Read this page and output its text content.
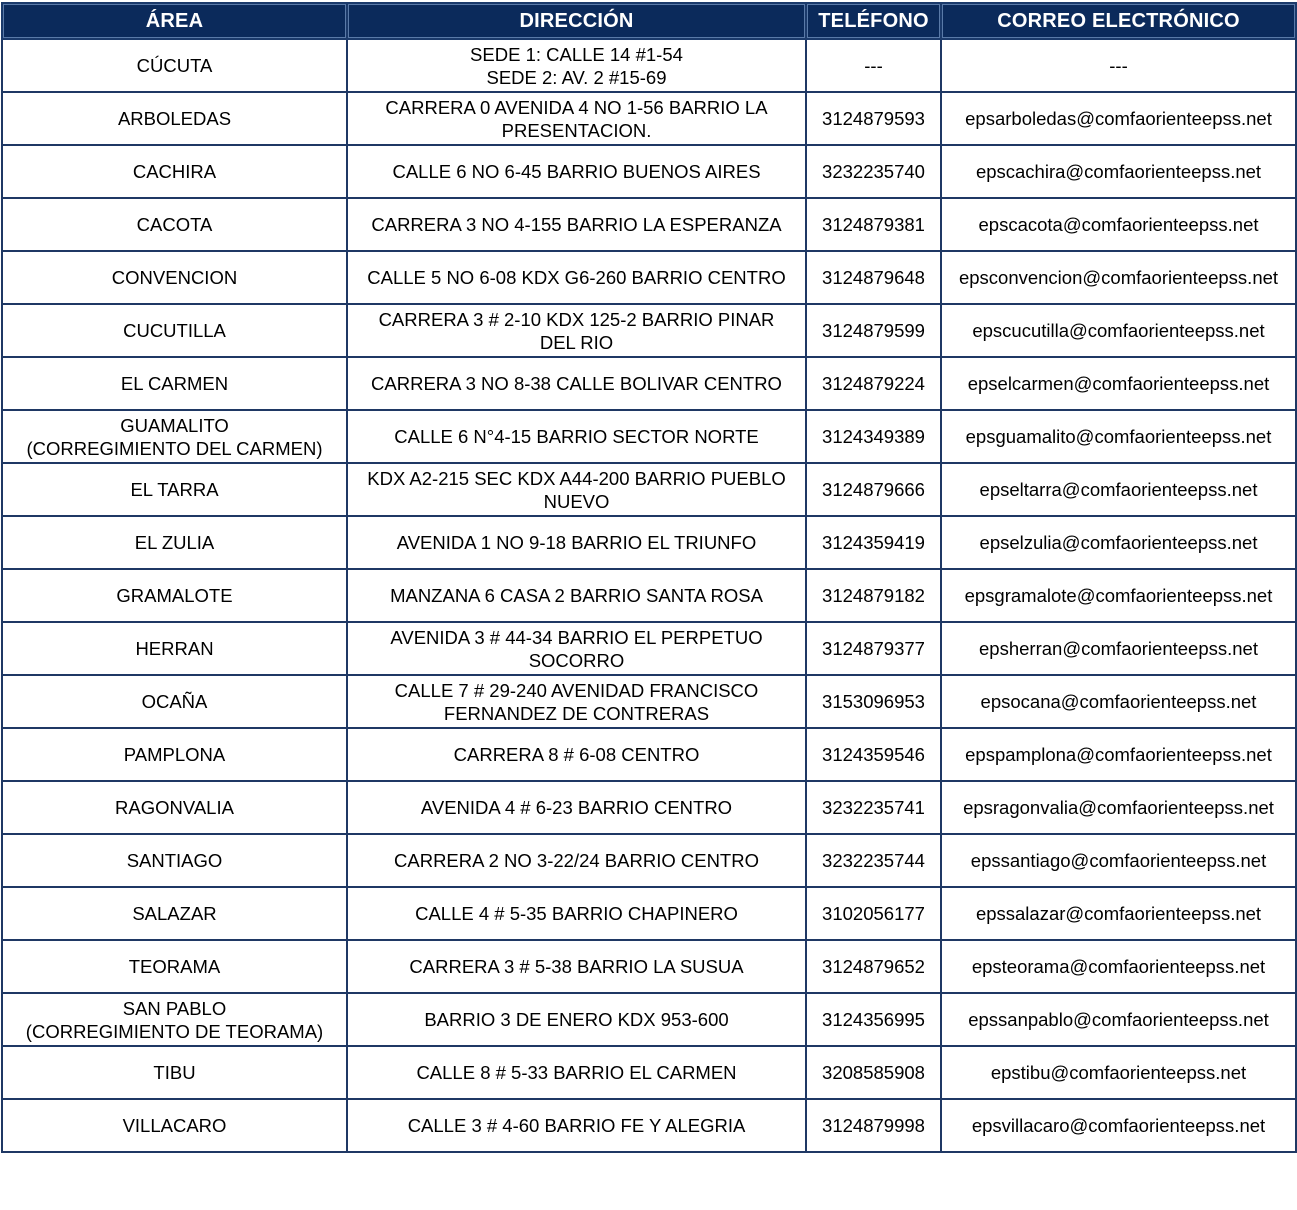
ÁREA	DIRECCIÓN	TELÉFONO	CORREO ELECTRÓNICO

CÚCUTA	SEDE 1: CALLE 14 #1-54
SEDE 2: AV. 2 #15-69	---	---

ARBOLEDAS	CARRERA 0 AVENIDA 4 NO 1-56 BARRIO LA
PRESENTACION.	3124879593	epsarboledas@comfaorienteepss.net

CACHIRA	CALLE 6 NO 6-45 BARRIO BUENOS AIRES	3232235740	epscachira@comfaorienteepss.net

CACOTA	CARRERA 3 NO 4-155 BARRIO LA ESPERANZA	3124879381	epscacota@comfaorienteepss.net

CONVENCION	CALLE 5 NO 6-08 KDX G6-260 BARRIO CENTRO	3124879648	epsconvencion@comfaorienteepss.net

CUCUTILLA	CARRERA 3 # 2-10 KDX 125-2 BARRIO PINAR
DEL RIO	3124879599	epscucutilla@comfaorienteepss.net

EL CARMEN	CARRERA 3 NO 8-38 CALLE BOLIVAR CENTRO	3124879224	epselcarmen@comfaorienteepss.net

GUAMALITO
(CORREGIMIENTO DEL CARMEN)	CALLE 6 N°4-15 BARRIO SECTOR NORTE	3124349389	epsguamalito@comfaorienteepss.net

EL TARRA	KDX A2-215 SEC KDX A44-200 BARRIO PUEBLO
NUEVO	3124879666	epseltarra@comfaorienteepss.net

EL ZULIA	AVENIDA 1 NO 9-18 BARRIO EL TRIUNFO	3124359419	epselzulia@comfaorienteepss.net

GRAMALOTE	MANZANA 6 CASA 2 BARRIO SANTA ROSA	3124879182	epsgramalote@comfaorienteepss.net

HERRAN	AVENIDA 3 # 44-34 BARRIO EL PERPETUO
SOCORRO	3124879377	epsherran@comfaorienteepss.net

OCAÑA	CALLE 7 # 29-240 AVENIDAD FRANCISCO
FERNANDEZ DE CONTRERAS	3153096953	epsocana@comfaorienteepss.net

PAMPLONA	CARRERA 8 # 6-08 CENTRO	3124359546	epspamplona@comfaorienteepss.net

RAGONVALIA	AVENIDA 4 # 6-23 BARRIO CENTRO	3232235741	epsragonvalia@comfaorienteepss.net

SANTIAGO	CARRERA 2 NO 3-22/24 BARRIO CENTRO	3232235744	epssantiago@comfaorienteepss.net

SALAZAR	CALLE 4 # 5-35 BARRIO CHAPINERO	3102056177	epssalazar@comfaorienteepss.net

TEORAMA	CARRERA 3 # 5-38 BARRIO LA SUSUA	3124879652	epsteorama@comfaorienteepss.net

SAN PABLO
(CORREGIMIENTO DE TEORAMA)	BARRIO 3 DE ENERO KDX 953-600	3124356995	epssanpablo@comfaorienteepss.net

TIBU	CALLE 8 # 5-33 BARRIO EL CARMEN	3208585908	epstibu@comfaorienteepss.net

VILLACARO	CALLE 3 # 4-60 BARRIO FE Y ALEGRIA	3124879998	epsvillacaro@comfaorienteepss.net
